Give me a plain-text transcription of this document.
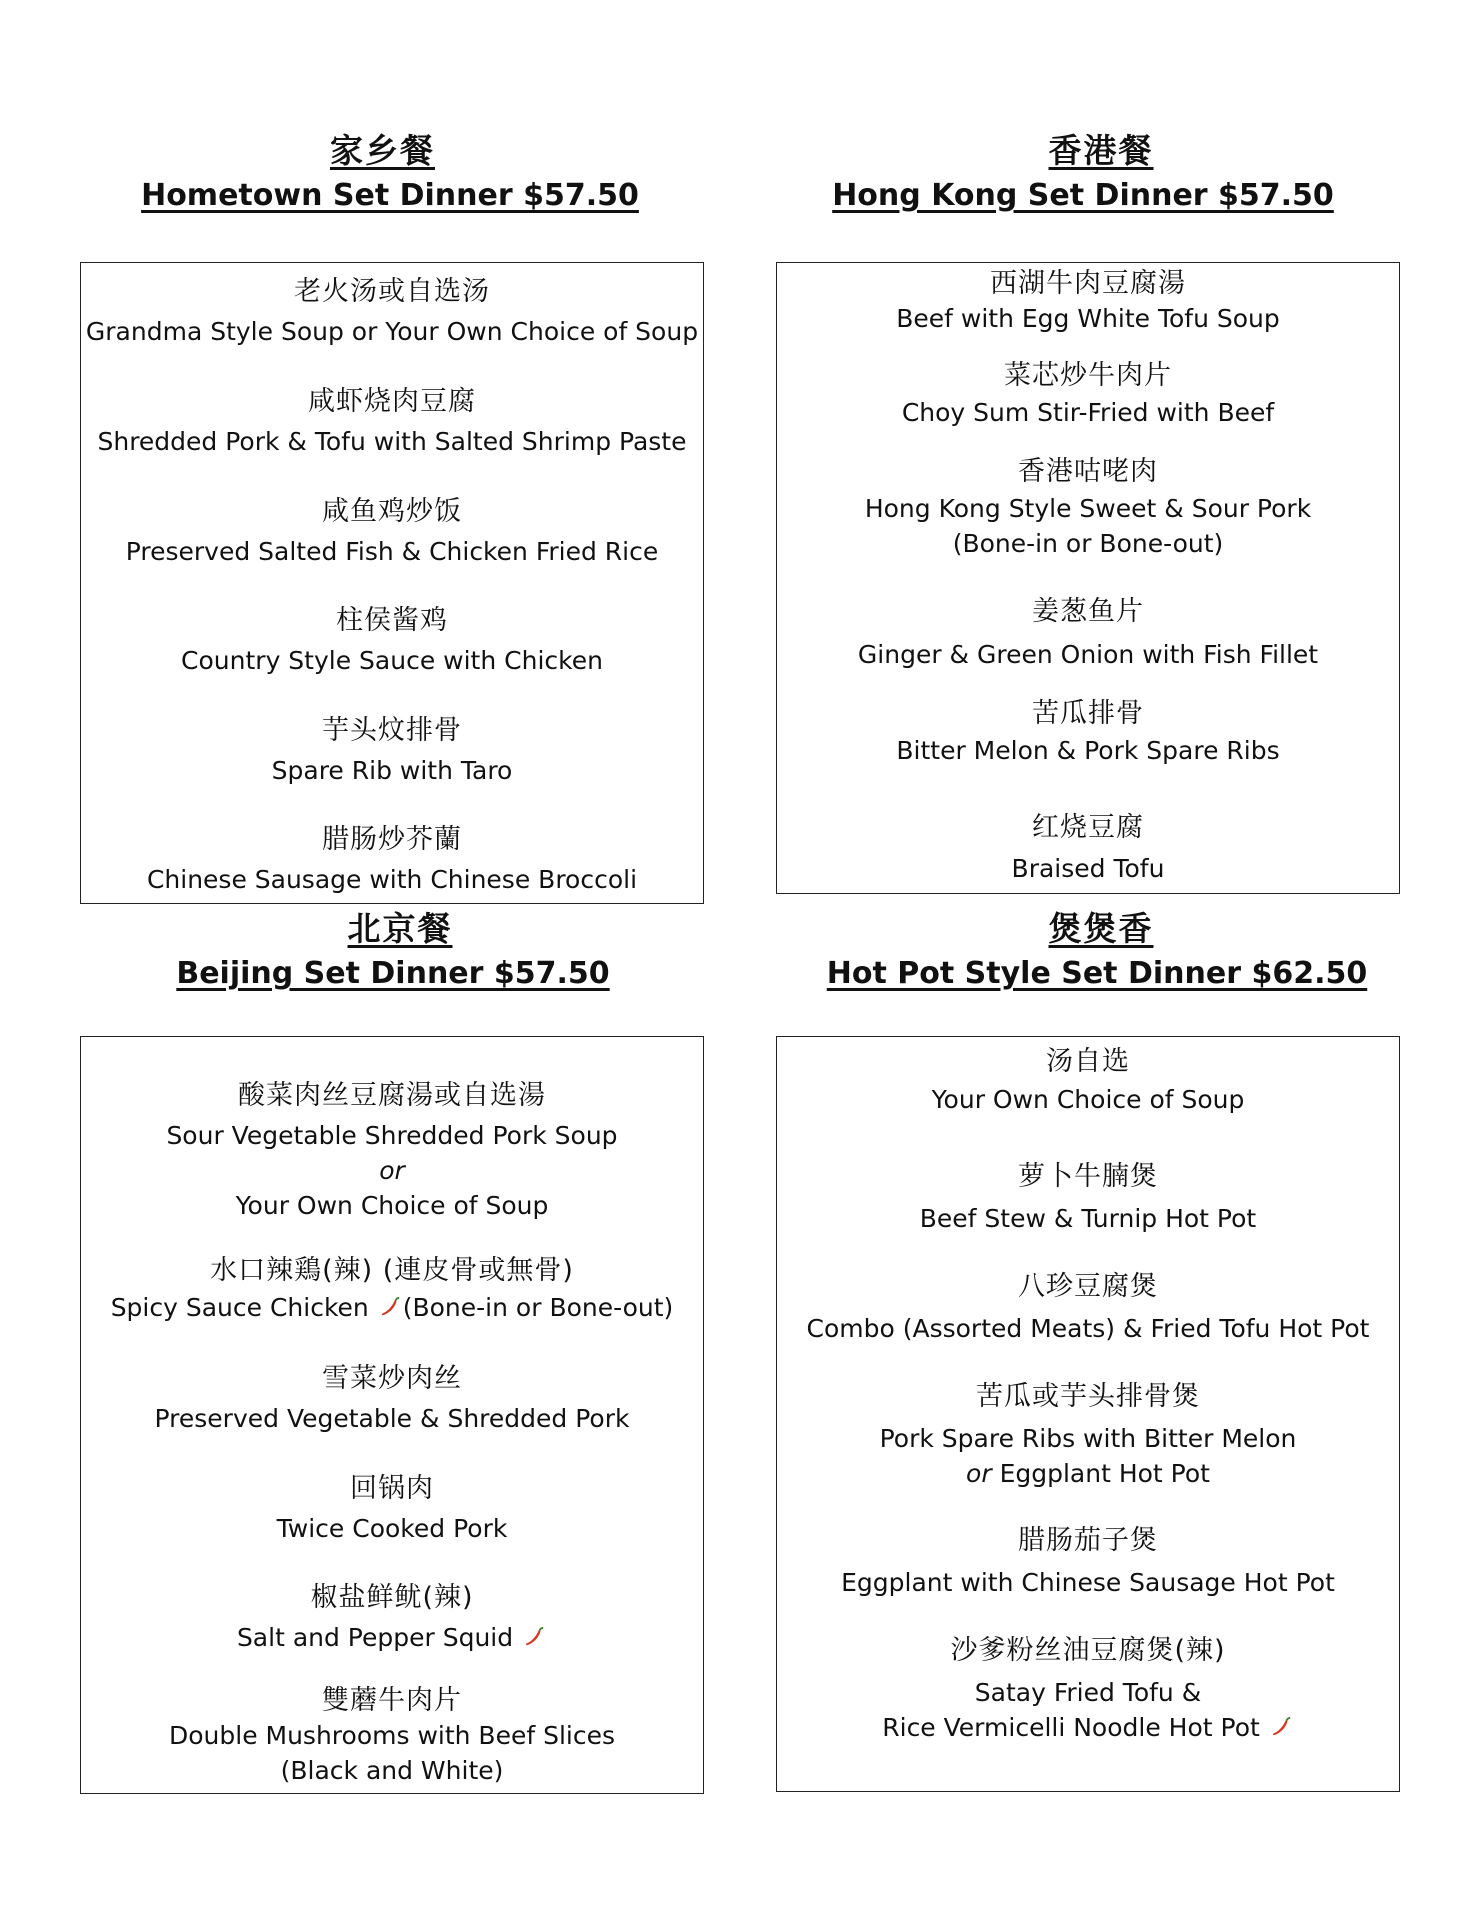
家乡餐
Hometown Set Dinner $57.50
老火汤或自选汤
Grandma Style Soup or Your Own Choice of Soup
咸虾烧肉豆腐
Shredded Pork & Tofu with Salted Shrimp Paste
咸鱼鸡炒饭
Preserved Salted Fish & Chicken Fried Rice
柱侯酱鸡
Country Style Sauce with Chicken
芋头炆排骨
Spare Rib with Taro
腊肠炒芥蘭
Chinese Sausage with Chinese Broccoli
香港餐
Hong Kong Set Dinner $57.50
西湖牛肉豆腐湯
Beef with Egg White Tofu Soup
菜芯炒牛肉片
Choy Sum Stir-Fried with Beef
香港咕咾肉
Hong Kong Style Sweet & Sour Pork
(Bone-in or Bone-out)
姜葱鱼片
Ginger & Green Onion with Fish Fillet
苦瓜排骨
Bitter Melon & Pork Spare Ribs
红烧豆腐
Braised Tofu
北京餐
Beijing Set Dinner $57.50
酸菜肉丝豆腐湯或自选湯
Sour Vegetable Shredded Pork Soup
or
Your Own Choice of Soup
水口辣鶏(辣) (連皮骨或無骨)
Spicy Sauce Chicken (Bone-in or Bone-out)
雪菜炒肉丝
Preserved Vegetable & Shredded Pork
回锅肉
Twice Cooked Pork
椒盐鲜鱿(辣)
Salt and Pepper Squid
雙蘑牛肉片
Double Mushrooms with Beef Slices
(Black and White)
煲煲香
Hot Pot Style Set Dinner $62.50
汤自选
Your Own Choice of Soup
萝卜牛腩煲
Beef Stew & Turnip Hot Pot
八珍豆腐煲
Combo (Assorted Meats) & Fried Tofu Hot Pot
苦瓜或芋头排骨煲
Pork Spare Ribs with Bitter Melon
or Eggplant Hot Pot
腊肠茄子煲
Eggplant with Chinese Sausage Hot Pot
沙爹粉丝油豆腐煲(辣)
Satay Fried Tofu &
Rice Vermicelli Noodle Hot Pot
